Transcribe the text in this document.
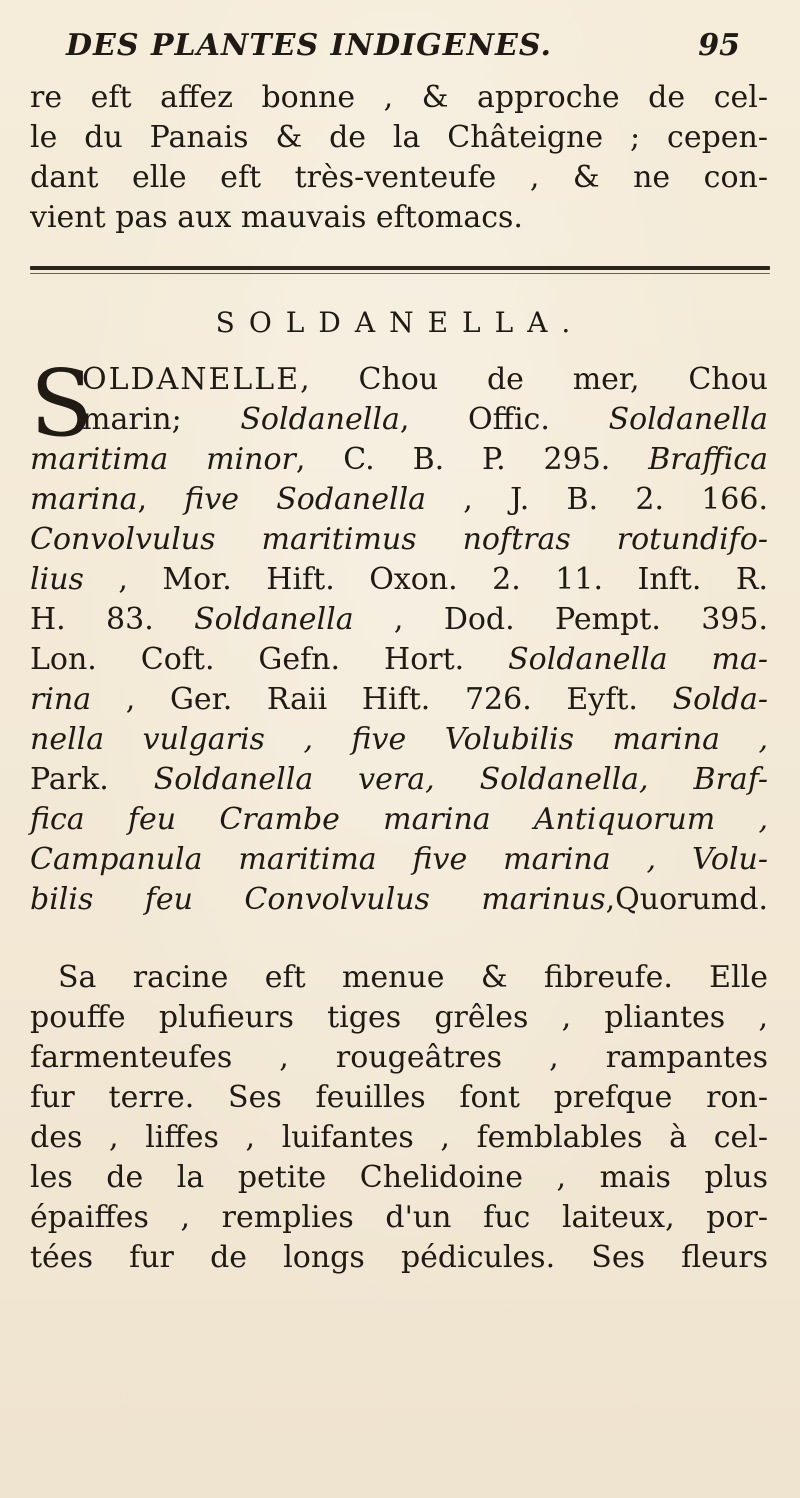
DES PLANTES INDIGENES.	95
re eft affez bonne , & approche de cel-
le du Panais & de la Châteigne ; cepen-
dant elle eft très-venteufe , & ne con-
vient pas aux mauvais eftomacs.
SOLDANELLA.
S
OLDANELLE, Chou de mer, Chou
marin; Soldanella, Offic. Soldanella
maritima minor, C. B. P. 295. Braffica
marina, five Sodanella , J. B. 2. 166.
Convolvulus maritimus noftras rotundifo-
lius , Mor. Hift. Oxon. 2. 11. Inft. R.
H. 83. Soldanella , Dod. Pempt. 395.
Lon. Coft. Gefn. Hort. Soldanella ma-
rina , Ger. Raii Hift. 726. Eyft. Solda-
nella vulgaris , five Volubilis marina ,
Park. Soldanella vera, Soldanella, Braf-
fica feu Crambe marina Antiquorum ,
Campanula maritima five marina , Volu-
bilis feu Convolvulus marinus,Quorumd.
Sa racine eft menue & fibreufe. Elle
pouffe plufieurs tiges grêles , pliantes ,
farmenteufes , rougeâtres , rampantes
fur terre. Ses feuilles font prefque ron-
des , liffes , luifantes , femblables à cel-
les de la petite Chelidoine , mais plus
épaiffes , remplies d'un fuc laiteux, por-
tées fur de longs pédicules. Ses fleurs
